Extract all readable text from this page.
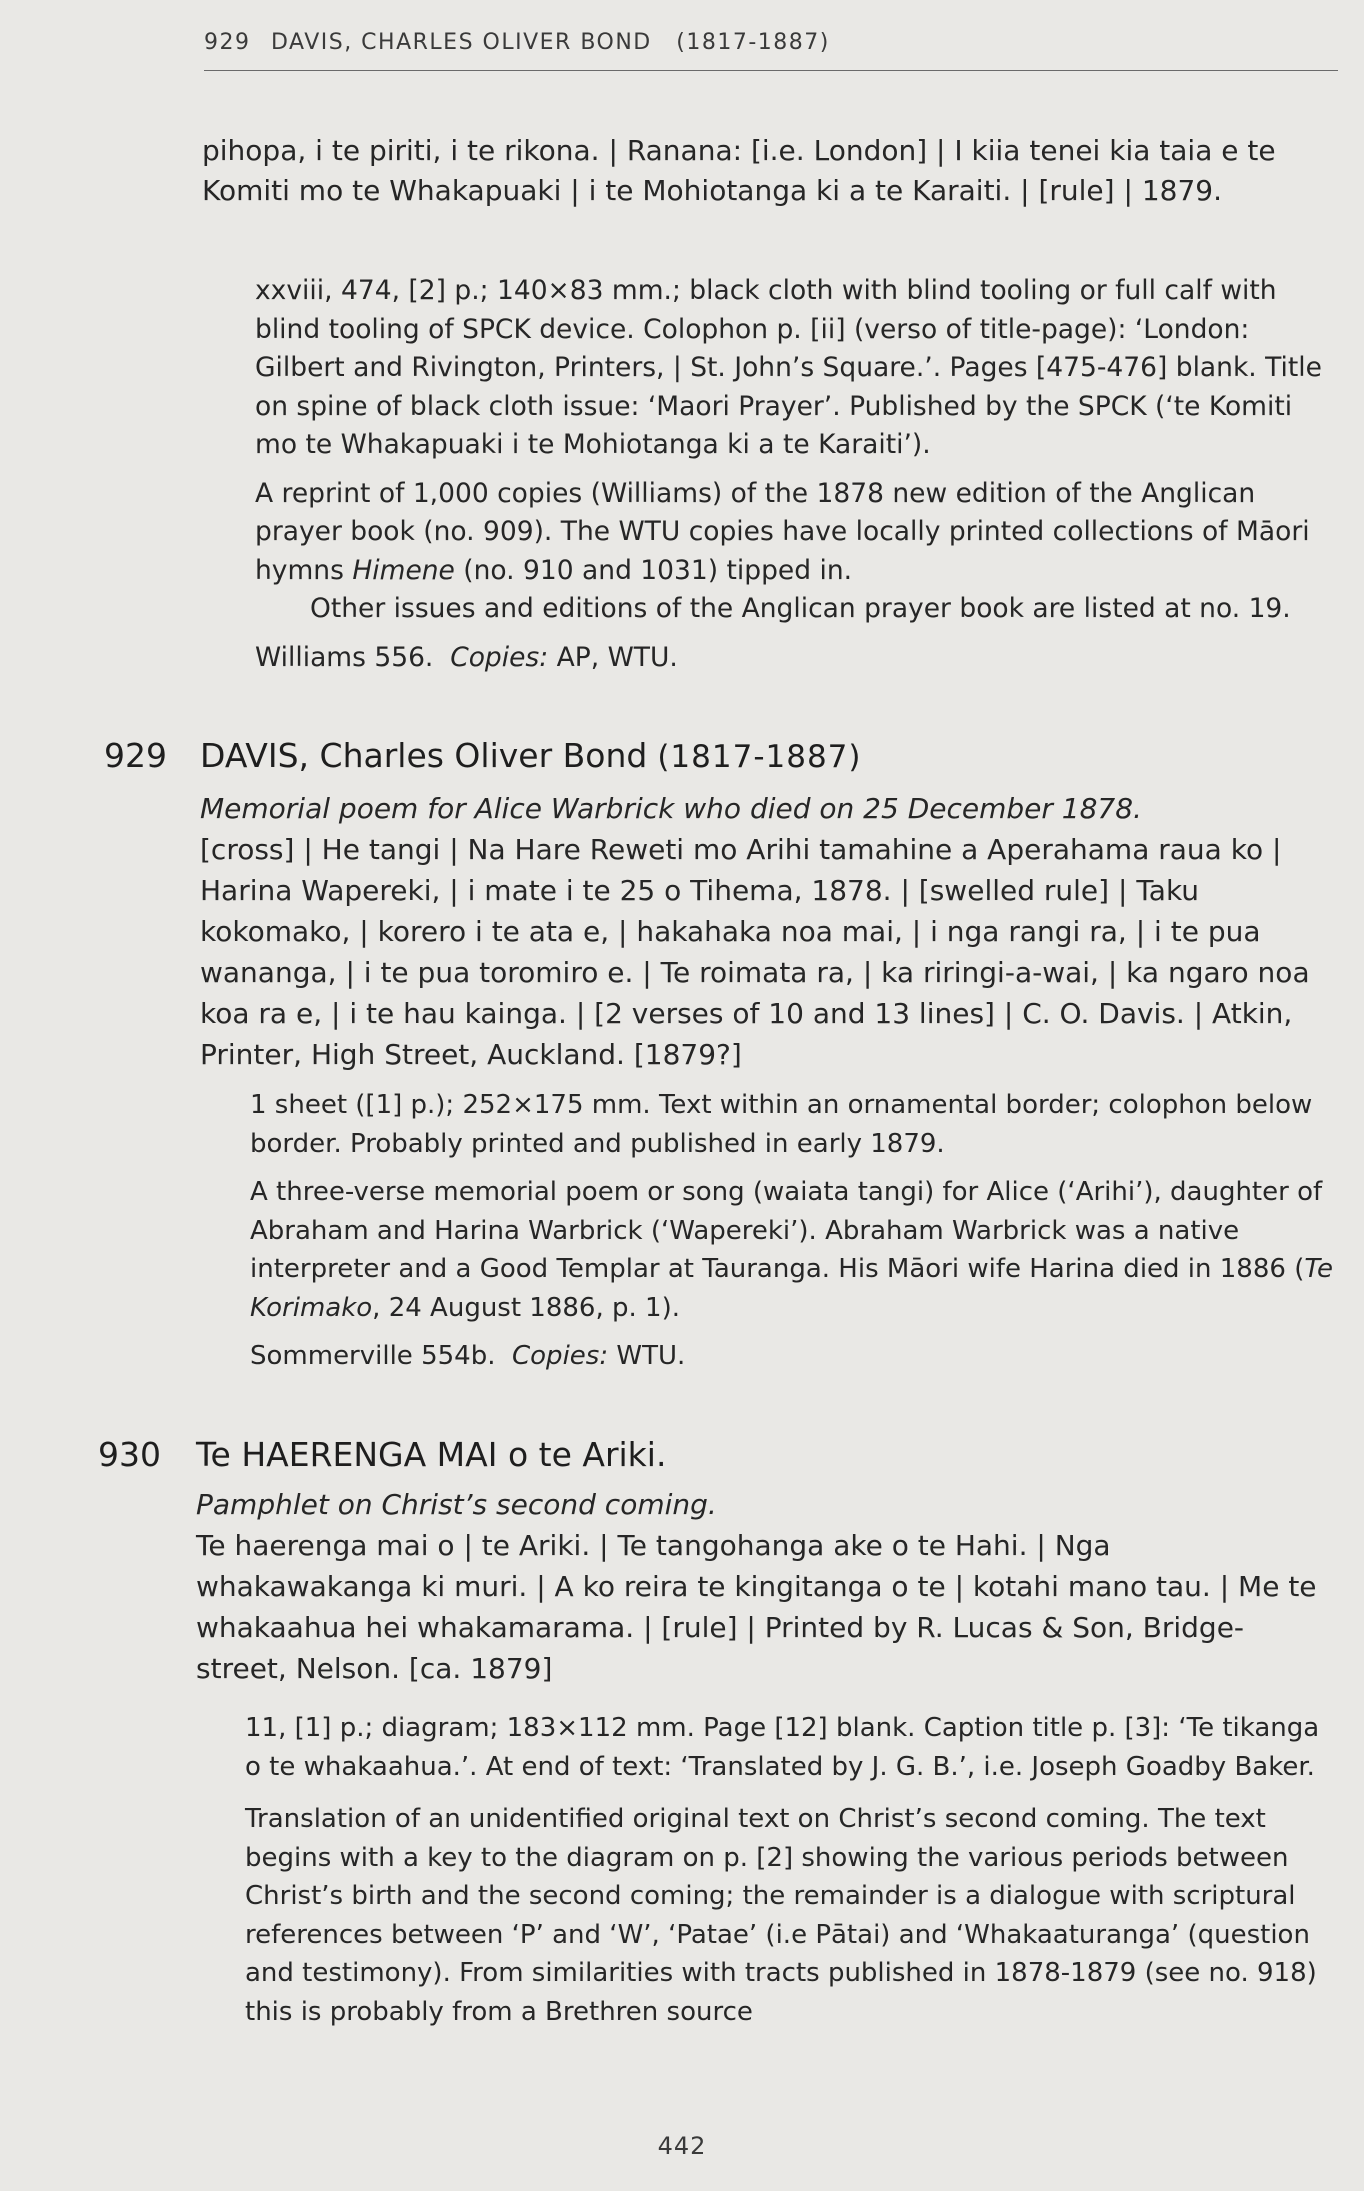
929 DAVIS, CHARLES OLIVER BOND (1817-1887)

pihopa, i te piriti, i te rikona. | Ranana: [i.e. London] | I kiia tenei kia taia e te Komiti mo te Whakapuaki | i te Mohiotanga ki a te Karaiti. | [rule] | 1879.

xxviii, 474, [2] p.; 140×83 mm.; black cloth with blind tooling or full calf with blind tooling of SPCK device. Colophon p. [ii] (verso of title-page): ‘London: Gilbert and Rivington, Printers, | St. John’s Square.’. Pages [475-476] blank. Title on spine of black cloth issue: ‘Maori Prayer’. Published by the SPCK (‘te Komiti mo te Whakapuaki i te Mohiotanga ki a te Karaiti’).

A reprint of 1,000 copies (Williams) of the 1878 new edition of the Anglican prayer book (no. 909). The WTU copies have locally printed collections of Māori hymns Himene (no. 910 and 1031) tipped in.

Other issues and editions of the Anglican prayer book are listed at no. 19.

Williams 556. Copies: AP, WTU.

929 DAVIS, Charles Oliver Bond (1817-1887)

Memorial poem for Alice Warbrick who died on 25 December 1878.

[cross] | He tangi | Na Hare Reweti mo Arihi tamahine a Aperahama raua ko | Harina Wapereki, | i mate i te 25 o Tihema, 1878. | [swelled rule] | Taku kokomako, | korero i te ata e, | hakahaka noa mai, | i nga rangi ra, | i te pua wananga, | i te pua toromiro e. | Te roimata ra, | ka riringi-a-wai, | ka ngaro noa koa ra e, | i te hau kainga. | [2 verses of 10 and 13 lines] | C. O. Davis. | Atkin, Printer, High Street, Auckland. [1879?]

1 sheet ([1] p.); 252×175 mm. Text within an ornamental border; colophon below border. Probably printed and published in early 1879.

A three-verse memorial poem or song (waiata tangi) for Alice (‘Arihi’), daughter of Abraham and Harina Warbrick (‘Wapereki’). Abraham Warbrick was a native interpreter and a Good Templar at Tauranga. His Māori wife Harina died in 1886 (Te Korimako, 24 August 1886, p. 1).

Sommerville 554b. Copies: WTU.

930 Te HAERENGA MAI o te Ariki.

Pamphlet on Christ’s second coming.

Te haerenga mai o | te Ariki. | Te tangohanga ake o te Hahi. | Nga whakawakanga ki muri. | A ko reira te kingitanga o te | kotahi mano tau. | Me te whakaahua hei whakamarama. | [rule] | Printed by R. Lucas & Son, Bridge-street, Nelson. [ca. 1879]

11, [1] p.; diagram; 183×112 mm. Page [12] blank. Caption title p. [3]: ‘Te tikanga o te whakaahua.’. At end of text: ‘Translated by J. G. B.’, i.e. Joseph Goadby Baker.

Translation of an unidentified original text on Christ’s second coming. The text begins with a key to the diagram on p. [2] showing the various periods between Christ’s birth and the second coming; the remainder is a dialogue with scriptural references between ‘P’ and ‘W’, ‘Patae’ (i.e Pātai) and ‘Whakaaturanga’ (question and testimony). From similarities with tracts published in 1878-1879 (see no. 918) this is probably from a Brethren source

442
